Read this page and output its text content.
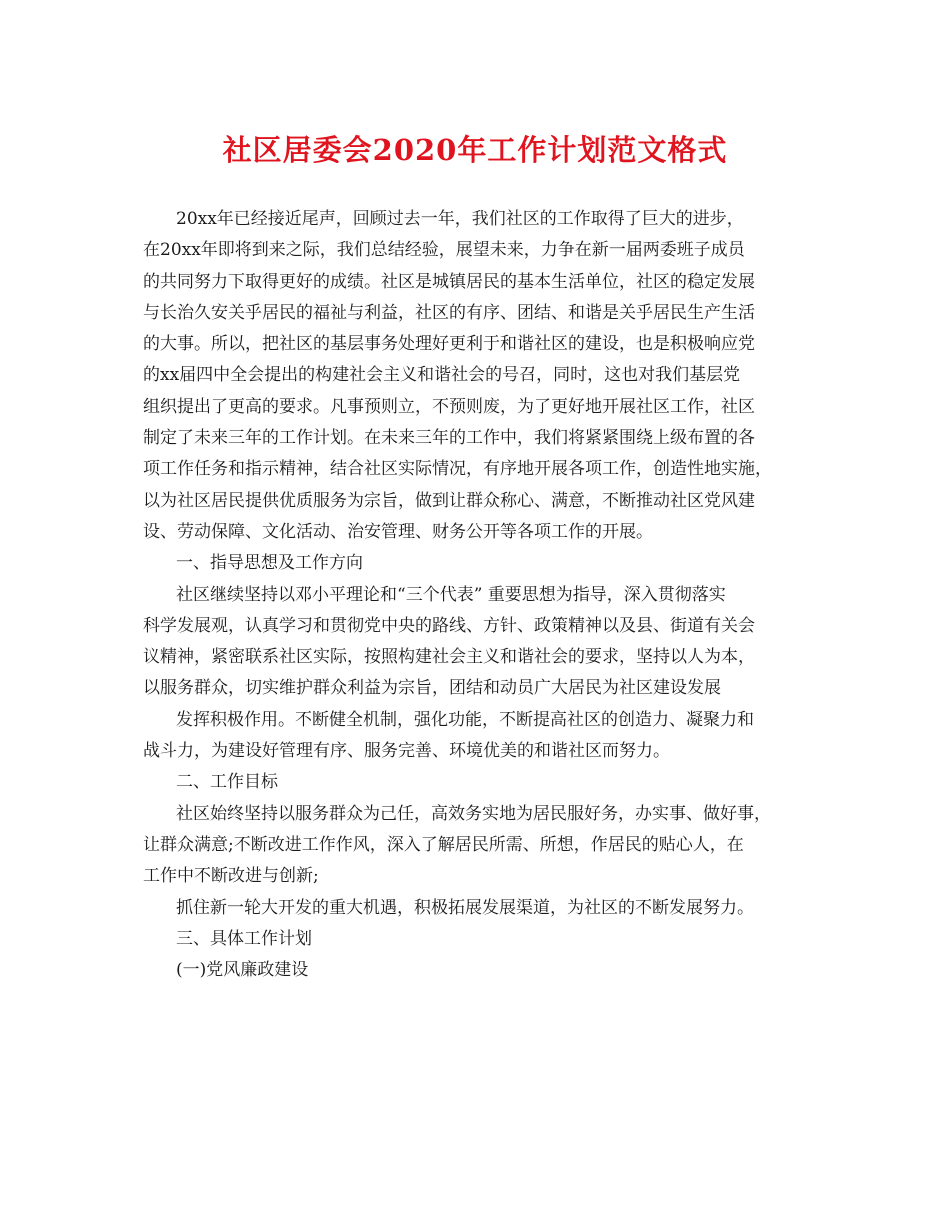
社区居委会2020年工作计划范文格式
20xx年已经接近尾声，回顾过去一年，我们社区的工作取得了巨大的进步，
在20xx年即将到来之际，我们总结经验，展望未来，力争在新一届两委班子成员
的共同努力下取得更好的成绩。社区是城镇居民的基本生活单位，社区的稳定发展
与长治久安关乎居民的福祉与利益，社区的有序、团结、和谐是关乎居民生产生活
的大事。所以，把社区的基层事务处理好更利于和谐社区的建设，也是积极响应党
的xx届四中全会提出的构建社会主义和谐社会的号召，同时，这也对我们基层党
组织提出了更高的要求。凡事预则立，不预则废，为了更好地开展社区工作，社区
制定了未来三年的工作计划。在未来三年的工作中，我们将紧紧围绕上级布置的各
项工作任务和指示精神，结合社区实际情况，有序地开展各项工作，创造性地实施，
以为社区居民提供优质服务为宗旨，做到让群众称心、满意，不断推动社区党风建
设、劳动保障、文化活动、治安管理、财务公开等各项工作的开展。
一、指导思想及工作方向
社区继续坚持以邓小平理论和“三个代表” 重要思想为指导，深入贯彻落实
科学发展观，认真学习和贯彻党中央的路线、方针、政策精神以及县、街道有关会
议精神，紧密联系社区实际，按照构建社会主义和谐社会的要求，坚持以人为本，
以服务群众，切实维护群众利益为宗旨，团结和动员广大居民为社区建设发展
发挥积极作用。不断健全机制，强化功能，不断提高社区的创造力、凝聚力和
战斗力，为建设好管理有序、服务完善、环境优美的和谐社区而努力。
二、工作目标
社区始终坚持以服务群众为己任，高效务实地为居民服好务，办实事、做好事，
让群众满意;不断改进工作作风，深入了解居民所需、所想，作居民的贴心人，在
工作中不断改进与创新;
抓住新一轮大开发的重大机遇，积极拓展发展渠道，为社区的不断发展努力。
三、具体工作计划
(一)党风廉政建设
